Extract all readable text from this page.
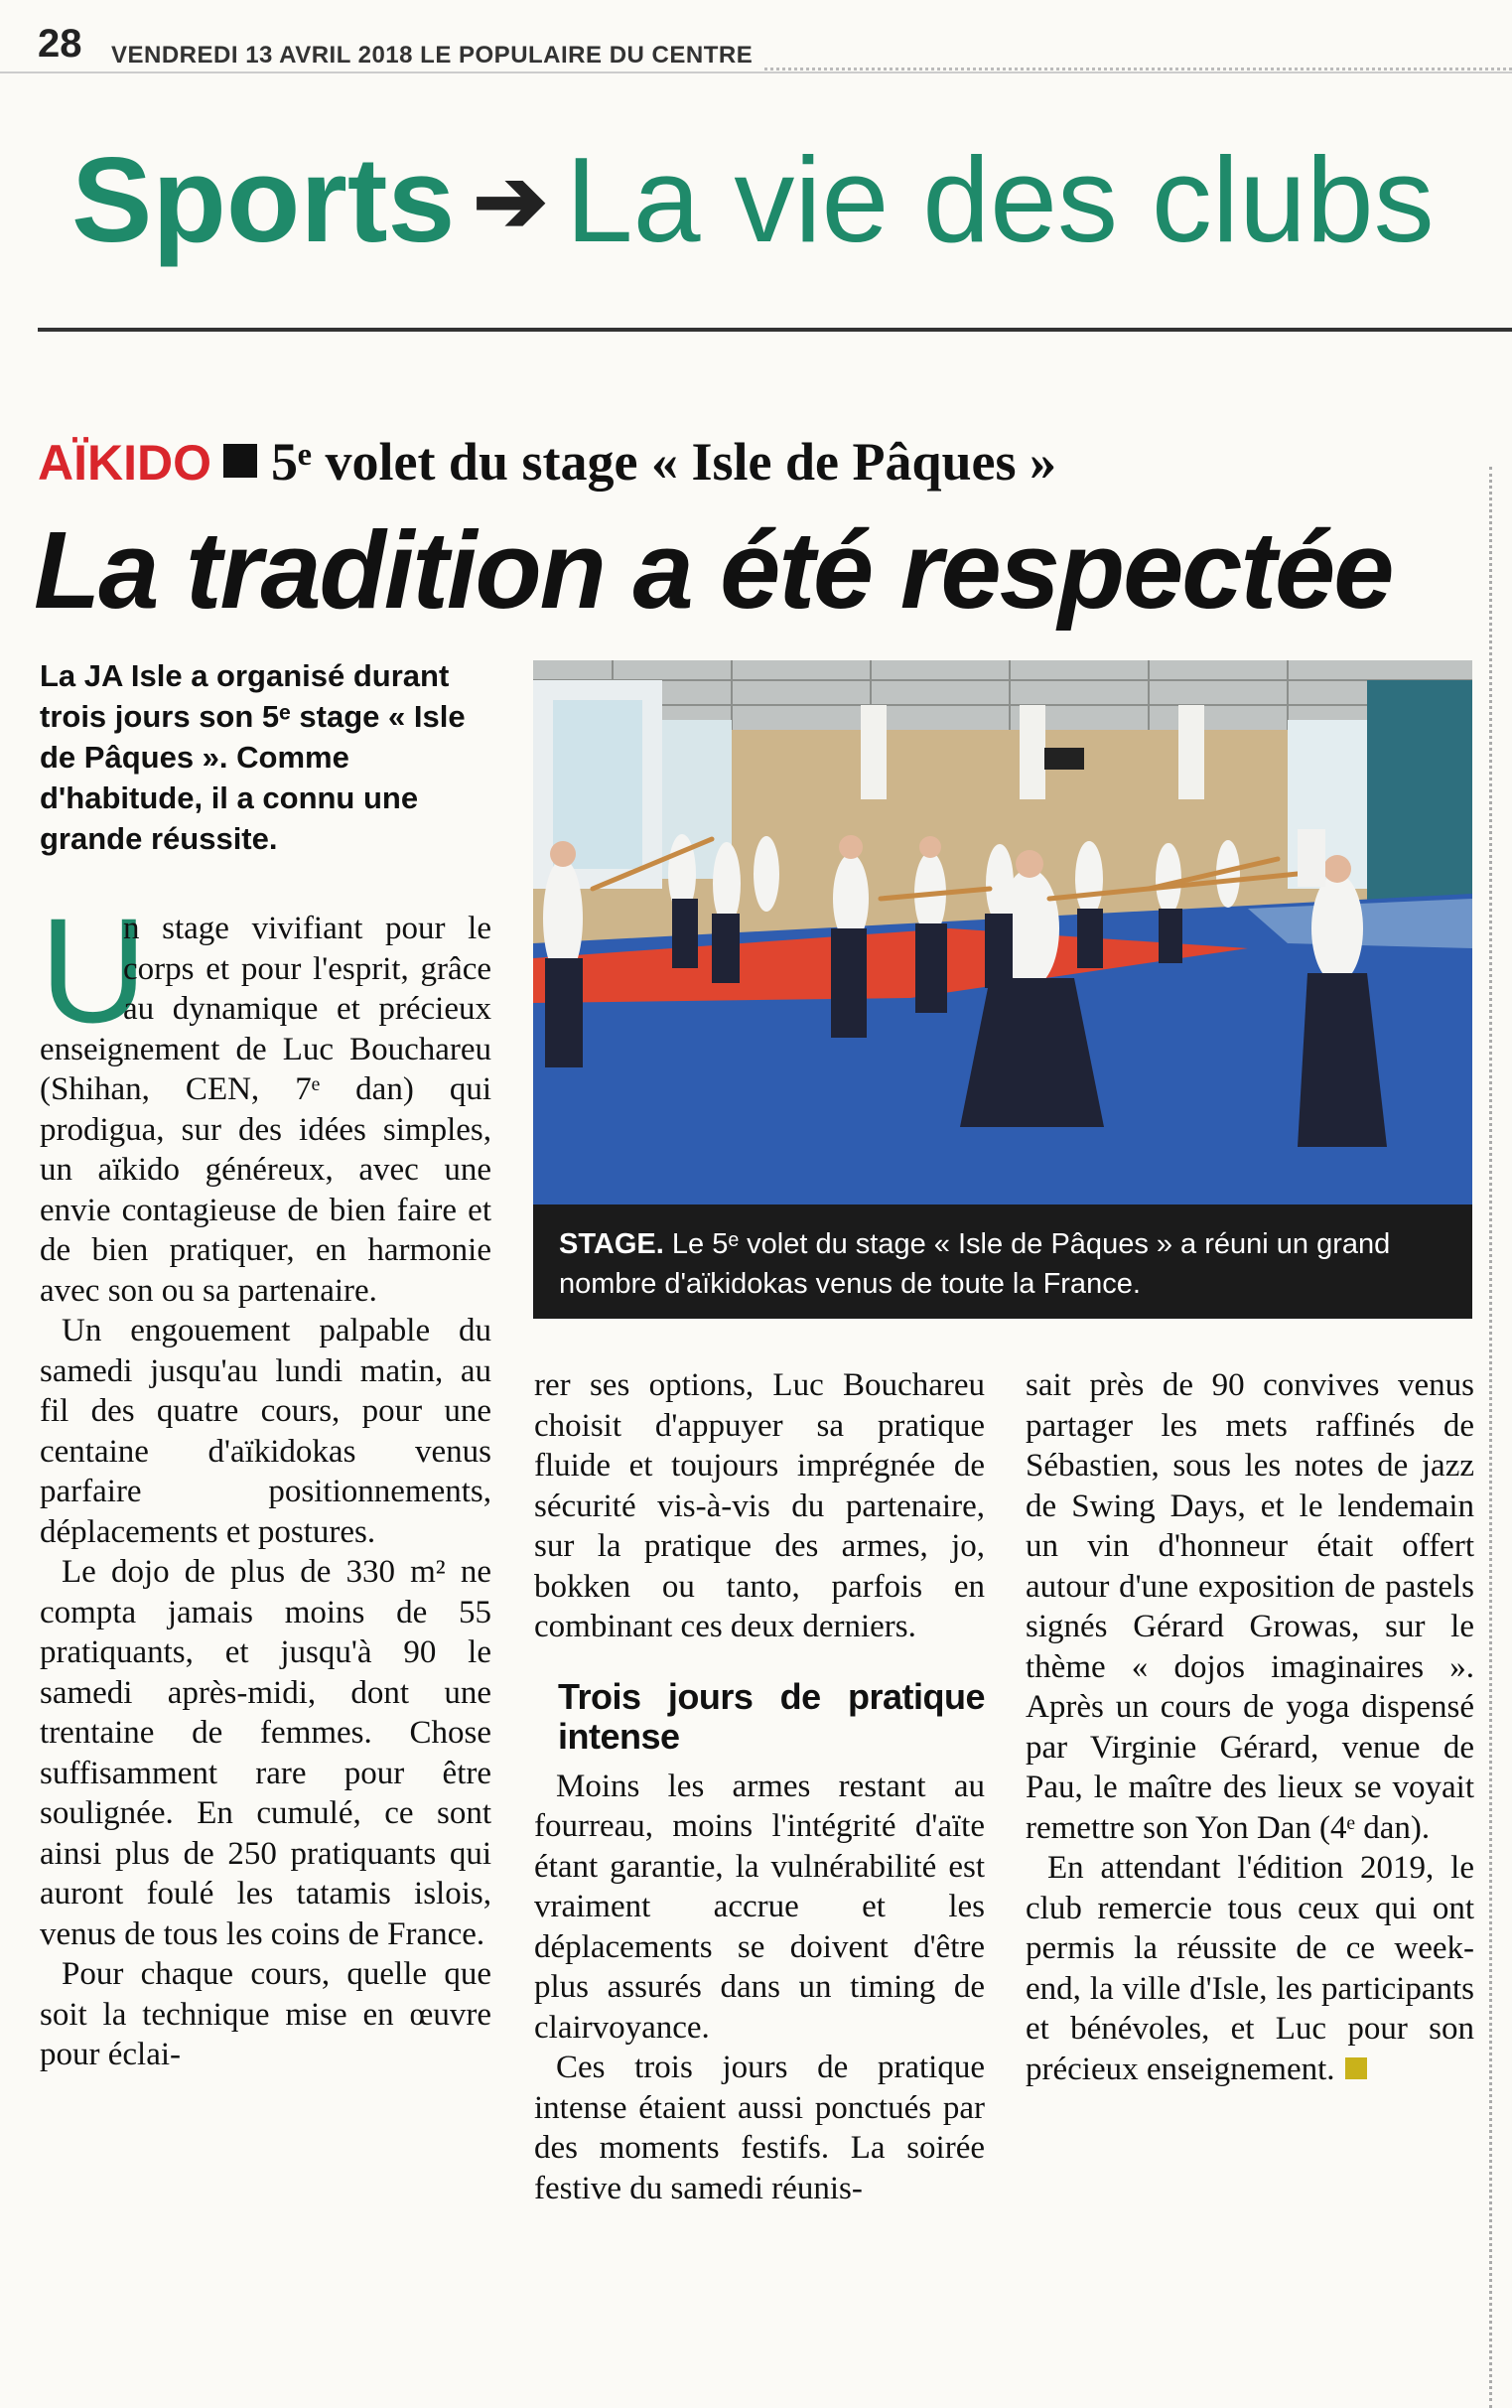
28 VENDREDI 13 AVRIL 2018 LE POPULAIRE DU CENTRE
Sports ➔ La vie des clubs
AÏKIDO 5ᵉ volet du stage « Isle de Pâques »
La tradition a été respectée
La JA Isle a organisé durant trois jours son 5ᵉ stage « Isle de Pâques ». Comme d'habitude, il a connu une grande réussite.
STAGE. Le 5ᵉ volet du stage « Isle de Pâques » a réuni un grand nombre d'aïkidokas venus de toute la France.

U
n stage vivifiant pour le corps et pour l'esprit, grâce au dynamique et précieux enseignement de Luc Bouchareu (Shihan, CEN, 7ᵉ dan) qui prodigua, sur des idées simples, un aïkido généreux, avec une envie contagieuse de bien faire et de bien pratiquer, en harmonie avec son ou sa partenaire.

Un engouement palpable du samedi jusqu'au lundi matin, au fil des quatre cours, pour une centaine d'aïkidokas venus parfaire positionnements, déplacements et postures.

Le dojo de plus de 330 m² ne compta jamais moins de 55 pratiquants, et jusqu'à 90 le samedi après-midi, dont une trentaine de femmes. Chose suffisamment rare pour être soulignée. En cumulé, ce sont ainsi plus de 250 pratiquants qui auront foulé les tatamis islois, venus de tous les coins de France.

Pour chaque cours, quelle que soit la technique mise en œuvre pour éclai-

rer ses options, Luc Bouchareu choisit d'appuyer sa pratique fluide et toujours imprégnée de sécurité vis-à-vis du partenaire, sur la pratique des armes, jo, bokken ou tanto, parfois en combinant ces deux derniers.

Trois jours de pratique intense

Moins les armes restant au fourreau, moins l'intégrité d'aïte étant garantie, la vulnérabilité est vraiment accrue et les déplacements se doivent d'être plus assurés dans un timing de clairvoyance.

Ces trois jours de pratique intense étaient aussi ponctués par des moments festifs. La soirée festive du samedi réunis-

sait près de 90 convives venus partager les mets raffinés de Sébastien, sous les notes de jazz de Swing Days, et le lendemain un vin d'honneur était offert autour d'une exposition de pastels signés Gérard Growas, sur le thème « dojos imaginaires ». Après un cours de yoga dispensé par Virginie Gérard, venue de Pau, le maître des lieux se voyait remettre son Yon Dan (4ᵉ dan).

En attendant l'édition 2019, le club remercie tous ceux qui ont permis la réussite de ce week-end, la ville d'Isle, les participants et bénévoles, et Luc pour son précieux enseignement.
